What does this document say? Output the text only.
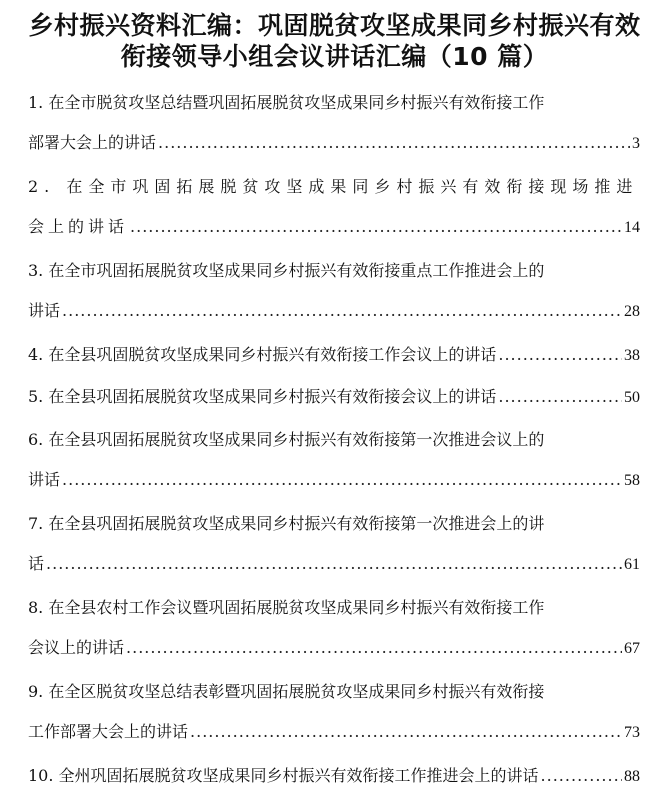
乡村振兴资料汇编：巩固脱贫攻坚成果同乡村振兴有效
衔接领导小组会议讲话汇编（10 篇）
1. 在全市脱贫攻坚总结暨巩固拓展脱贫攻坚成果同乡村振兴有效衔接工作
部署大会上的讲话 .....	3
2. 在全市巩固拓展脱贫攻坚成果同乡村振兴有效衔接现场推进
会上的讲话 .....	14
3. 在全市巩固拓展脱贫攻坚成果同乡村振兴有效衔接重点工作推进会上的
讲话 .....	28
4. 在全县巩固脱贫攻坚成果同乡村振兴有效衔接工作会议上的讲话 .....	38
5. 在全县巩固拓展脱贫攻坚成果同乡村振兴有效衔接会议上的讲话 .....	50
6. 在全县巩固拓展脱贫攻坚成果同乡村振兴有效衔接第一次推进会议上的
讲话 .....	58
7. 在全县巩固拓展脱贫攻坚成果同乡村振兴有效衔接第一次推进会上的讲
话 .....	61
8. 在全县农村工作会议暨巩固拓展脱贫攻坚成果同乡村振兴有效衔接工作
会议上的讲话 .....	67
9. 在全区脱贫攻坚总结表彰暨巩固拓展脱贫攻坚成果同乡村振兴有效衔接
工作部署大会上的讲话 .....	73
10. 全州巩固拓展脱贫攻坚成果同乡村振兴有效衔接工作推进会上的讲话 .....	88
